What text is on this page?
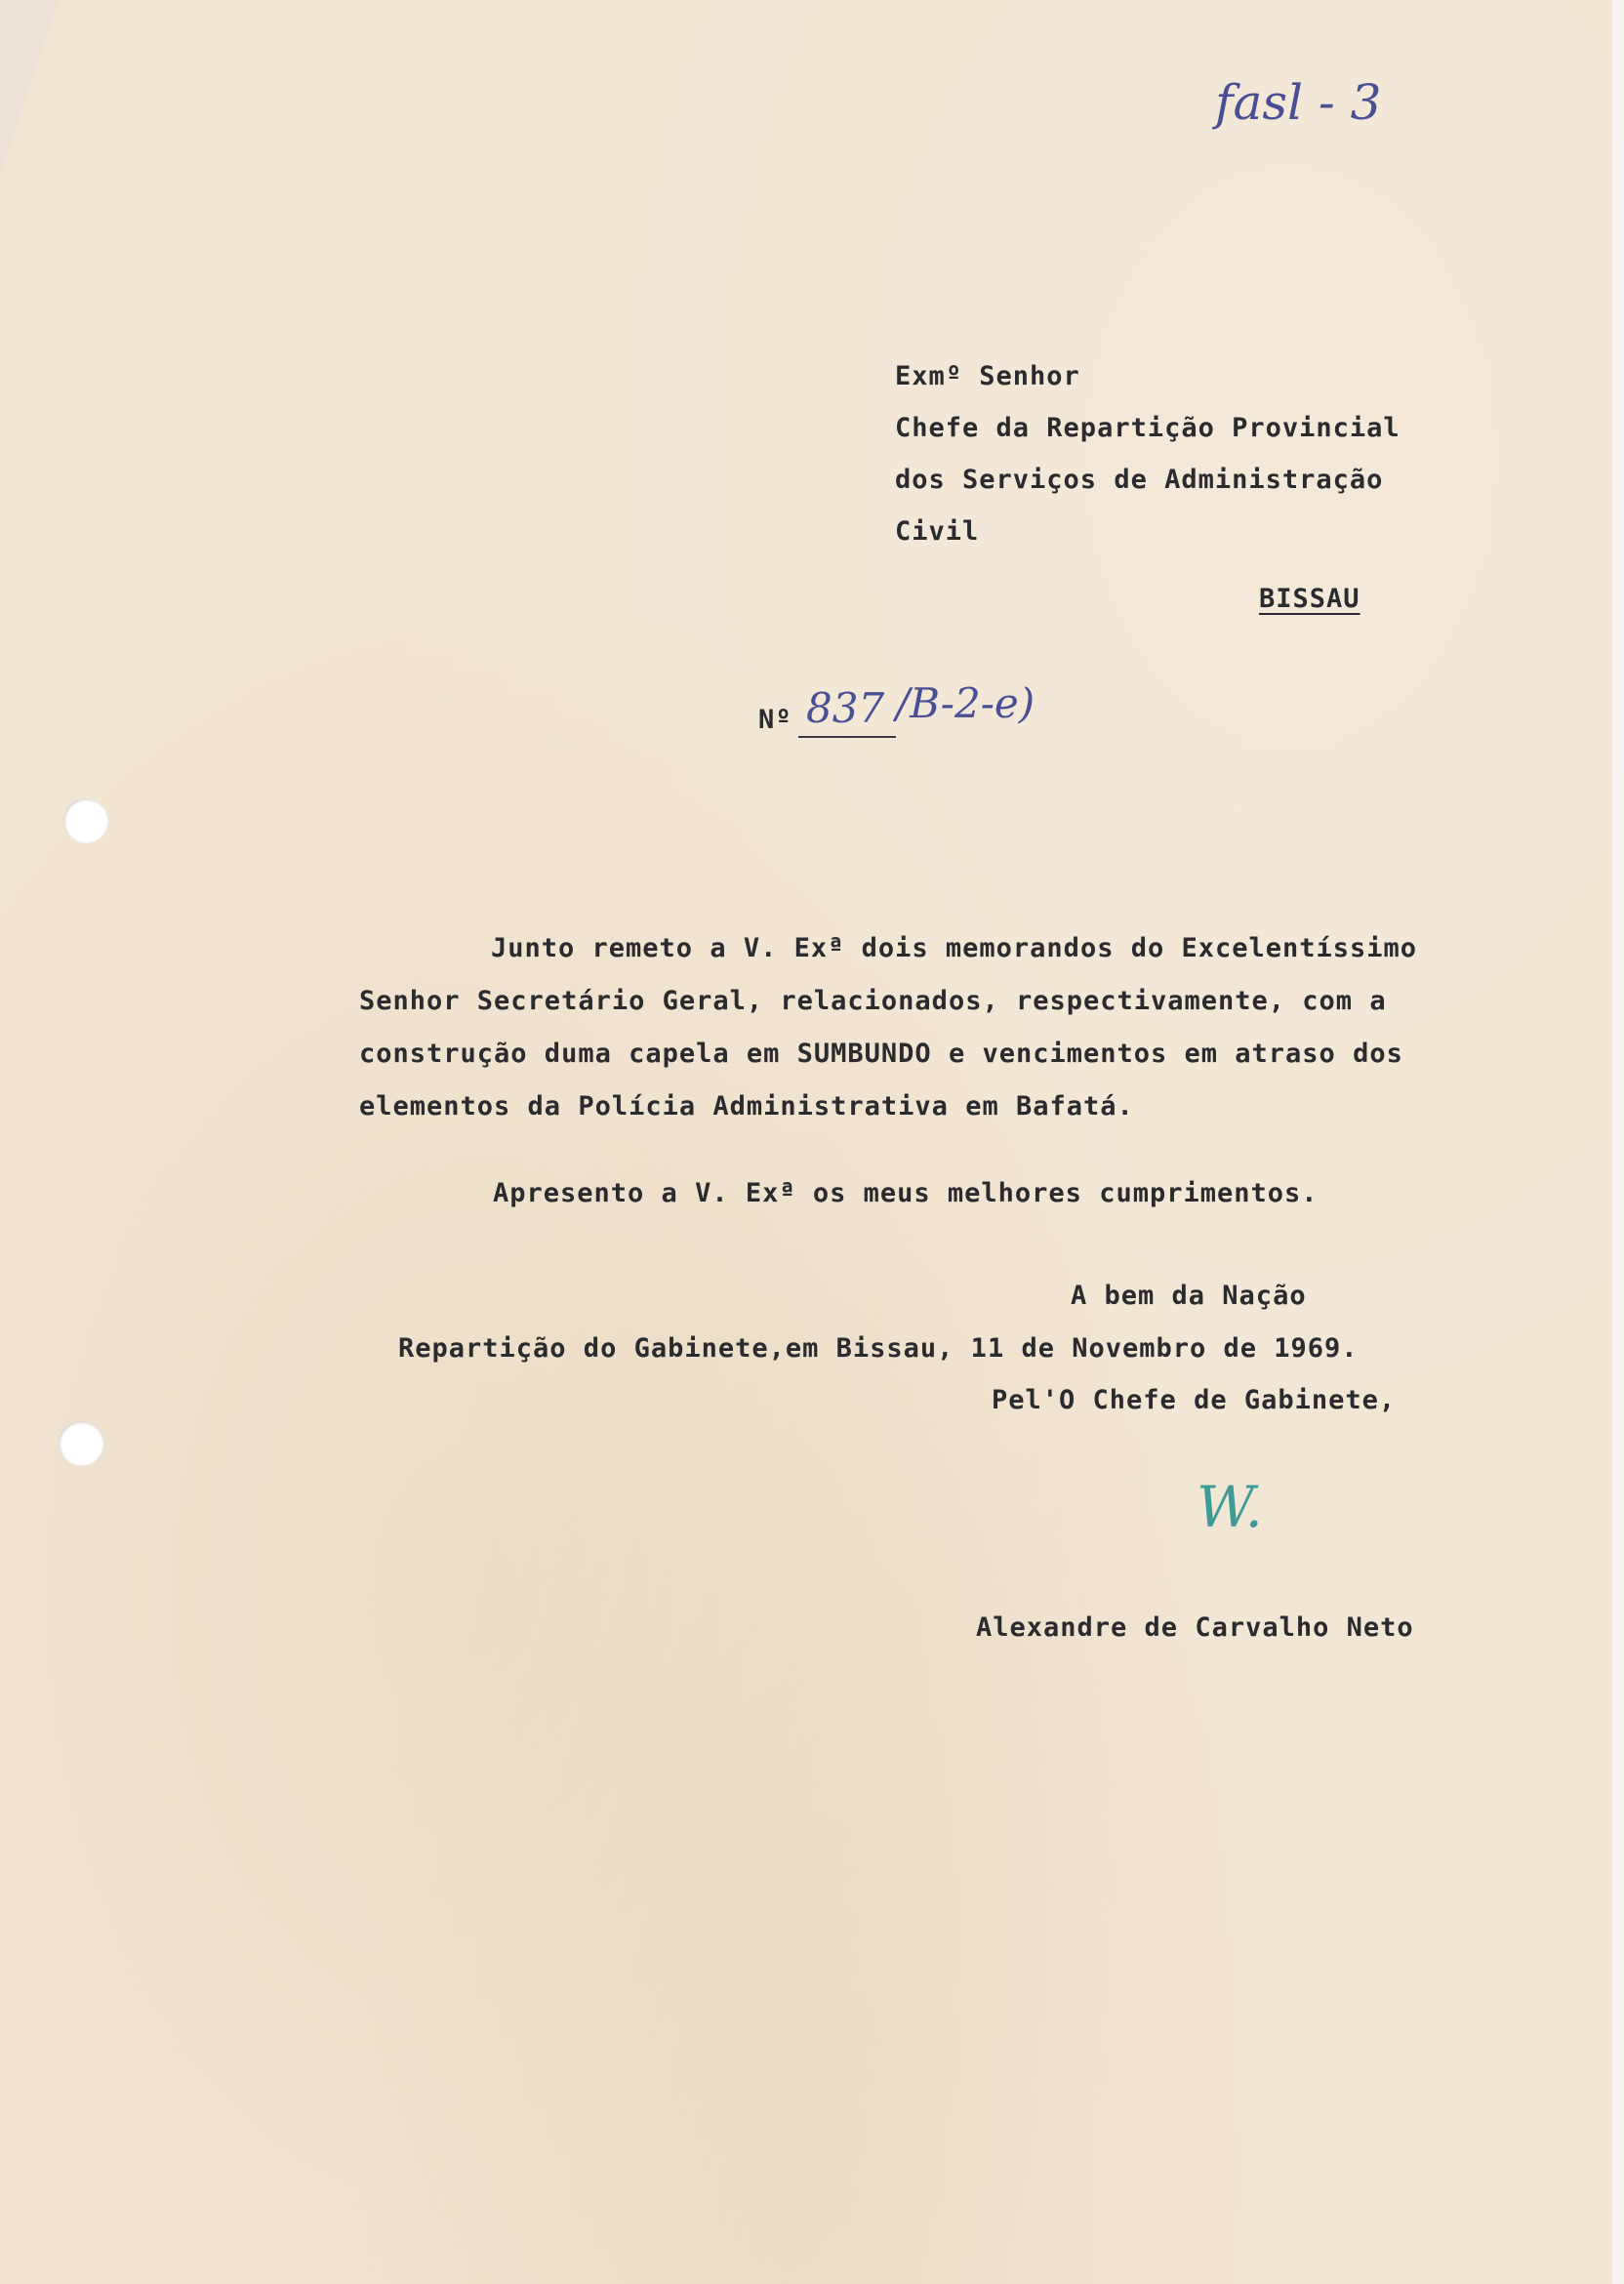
fasl - 3
Exmº Senhor
Chefe da Repartição Provincial
dos Serviços de Administração
Civil
BISSAU
Nº 837 /B-2-e)
Junto remeto a V. Exª dois memorandos do Excelentíssimo
Senhor Secretário Geral, relacionados, respectivamente, com a
construção duma capela em SUMBUNDO e vencimentos em atraso dos
elementos da Polícia Administrativa em Bafatá.
Apresento a V. Exª os meus melhores cumprimentos.
A bem da Nação
Repartição do Gabinete,em Bissau, 11 de Novembro de 1969.
Pel'O Chefe de Gabinete,
W.
Alexandre de Carvalho Neto
